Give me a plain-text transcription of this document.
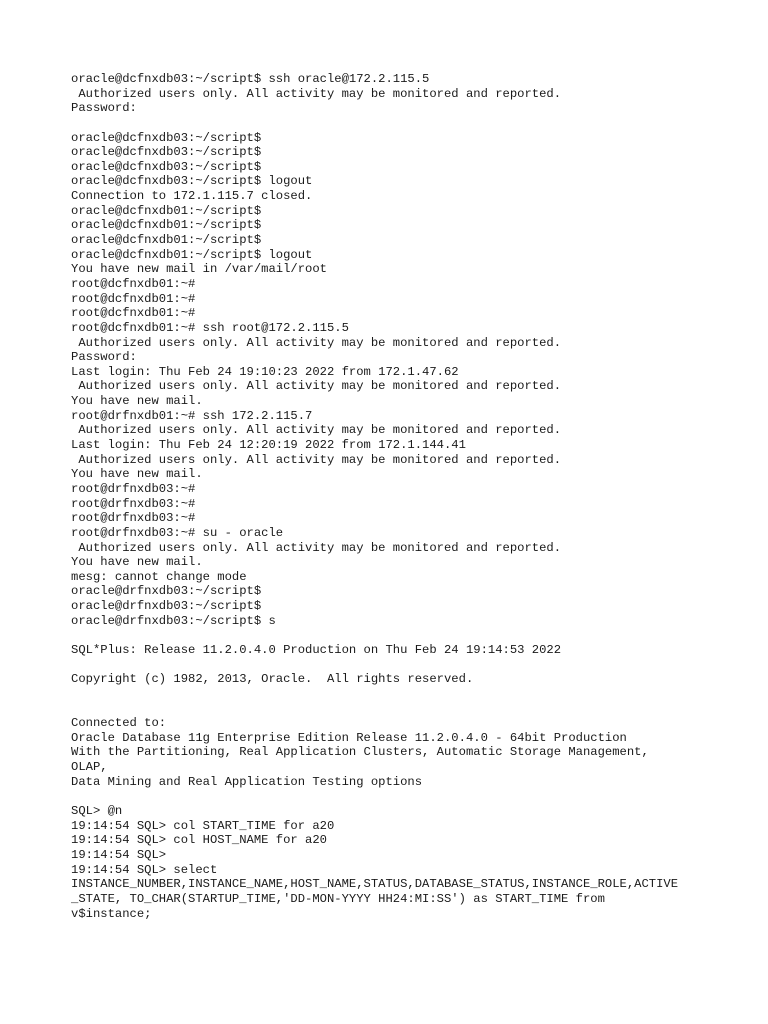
oracle@dcfnxdb03:~/script$ ssh oracle@172.2.115.5
Authorized users only. All activity may be monitored and reported.
Password:
oracle@dcfnxdb03:~/script$
oracle@dcfnxdb03:~/script$
oracle@dcfnxdb03:~/script$
oracle@dcfnxdb03:~/script$ logout
Connection to 172.1.115.7 closed.
oracle@dcfnxdb01:~/script$
oracle@dcfnxdb01:~/script$
oracle@dcfnxdb01:~/script$
oracle@dcfnxdb01:~/script$ logout
You have new mail in /var/mail/root
root@dcfnxdb01:~#
root@dcfnxdb01:~#
root@dcfnxdb01:~#
root@dcfnxdb01:~# ssh root@172.2.115.5
Authorized users only. All activity may be monitored and reported.
Password:
Last login: Thu Feb 24 19:10:23 2022 from 172.1.47.62
Authorized users only. All activity may be monitored and reported.
You have new mail.
root@drfnxdb01:~# ssh 172.2.115.7
Authorized users only. All activity may be monitored and reported.
Last login: Thu Feb 24 12:20:19 2022 from 172.1.144.41
Authorized users only. All activity may be monitored and reported.
You have new mail.
root@drfnxdb03:~#
root@drfnxdb03:~#
root@drfnxdb03:~#
root@drfnxdb03:~# su - oracle
Authorized users only. All activity may be monitored and reported.
You have new mail.
mesg: cannot change mode
oracle@drfnxdb03:~/script$
oracle@drfnxdb03:~/script$
oracle@drfnxdb03:~/script$ s
SQL*Plus: Release 11.2.0.4.0 Production on Thu Feb 24 19:14:53 2022
Copyright (c) 1982, 2013, Oracle.  All rights reserved.
Connected to:
Oracle Database 11g Enterprise Edition Release 11.2.0.4.0 - 64bit Production
With the Partitioning, Real Application Clusters, Automatic Storage Management,
OLAP,
Data Mining and Real Application Testing options
SQL> @n
19:14:54 SQL> col START_TIME for a20
19:14:54 SQL> col HOST_NAME for a20
19:14:54 SQL>
19:14:54 SQL> select
INSTANCE_NUMBER,INSTANCE_NAME,HOST_NAME,STATUS,DATABASE_STATUS,INSTANCE_ROLE,ACTIVE
_STATE, TO_CHAR(STARTUP_TIME,'DD-MON-YYYY HH24:MI:SS') as START_TIME from
v$instance;
